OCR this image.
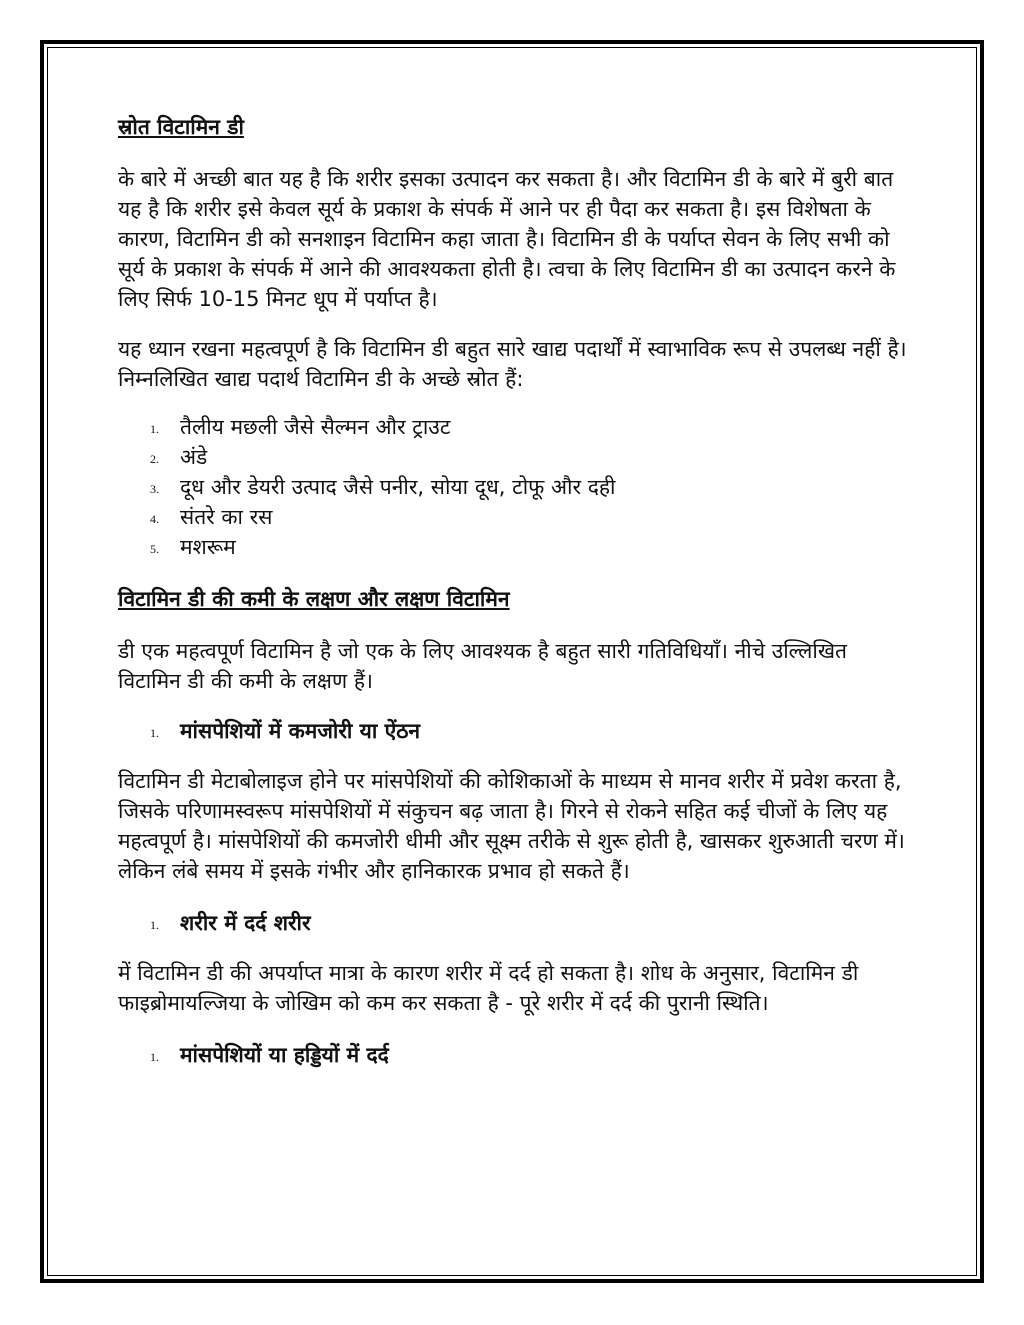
स्रोत विटामिन डी

के बारे में अच्छी बात यह है कि शरीर इसका उत्पादन कर सकता है। और विटामिन डी के बारे में बुरी बात यह है कि शरीर इसे केवल सूर्य के प्रकाश के संपर्क में आने पर ही पैदा कर सकता है। इस विशेषता के कारण, विटामिन डी को सनशाइन विटामिन कहा जाता है। विटामिन डी के पर्याप्त सेवन के लिए सभी को सूर्य के प्रकाश के संपर्क में आने की आवश्यकता होती है। त्वचा के लिए विटामिन डी का उत्पादन करने के लिए सिर्फ 10-15 मिनट धूप में पर्याप्त है।

यह ध्यान रखना महत्वपूर्ण है कि विटामिन डी बहुत सारे खाद्य पदार्थों में स्वाभाविक रूप से उपलब्ध नहीं है। निम्नलिखित खाद्य पदार्थ विटामिन डी के अच्छे स्रोत हैं:

1. तैलीय मछली जैसे सैल्मन और ट्राउट
2. अंडे
3. दूध और डेयरी उत्पाद जैसे पनीर, सोया दूध, टोफू और दही
4. संतरे का रस
5. मशरूम
विटामिन डी की कमी के लक्षण और लक्षण विटामिन

डी एक महत्वपूर्ण विटामिन है जो एक के लिए आवश्यक है बहुत सारी गतिविधियाँ। नीचे उल्लिखित विटामिन डी की कमी के लक्षण हैं।

1. मांसपेशियों में कमजोरी या ऐंठन

विटामिन डी मेटाबोलाइज होने पर मांसपेशियों की कोशिकाओं के माध्यम से मानव शरीर में प्रवेश करता है, जिसके परिणामस्वरूप मांसपेशियों में संकुचन बढ़ जाता है। गिरने से रोकने सहित कई चीजों के लिए यह महत्वपूर्ण है। मांसपेशियों की कमजोरी धीमी और सूक्ष्म तरीके से शुरू होती है, खासकर शुरुआती चरण में। लेकिन लंबे समय में इसके गंभीर और हानिकारक प्रभाव हो सकते हैं।

1. शरीर में दर्द शरीर

में विटामिन डी की अपर्याप्त मात्रा के कारण शरीर में दर्द हो सकता है। शोध के अनुसार, विटामिन डी फाइब्रोमायल्जिया के जोखिम को कम कर सकता है - पूरे शरीर में दर्द की पुरानी स्थिति।

1. मांसपेशियों या हड्डियों में दर्द
